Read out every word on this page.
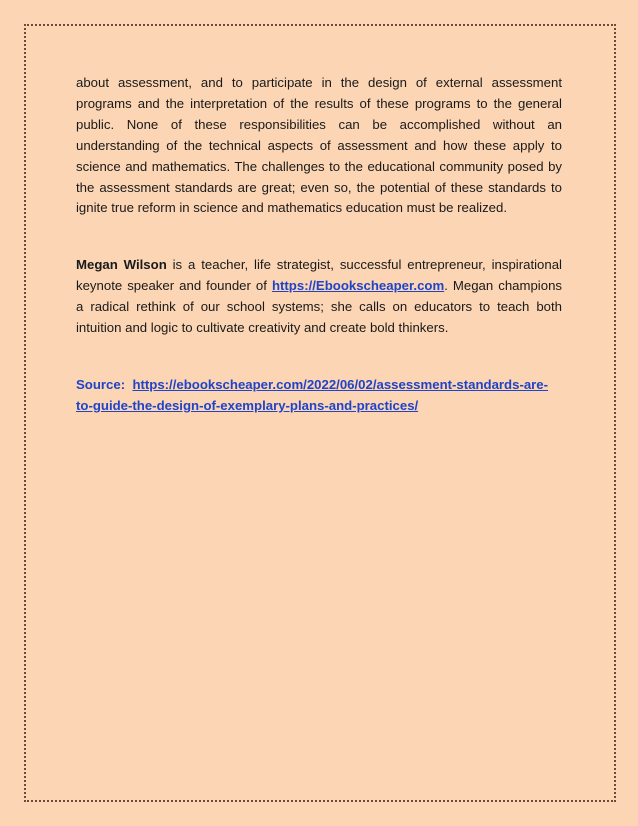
about assessment, and to participate in the design of external assessment programs and the interpretation of the results of these programs to the general public. None of these responsibilities can be accomplished without an understanding of the technical aspects of assessment and how these apply to science and mathematics. The challenges to the educational community posed by the assessment standards are great; even so, the potential of these standards to ignite true reform in science and mathematics education must be realized.

Megan Wilson is a teacher, life strategist, successful entrepreneur, inspirational keynote speaker and founder of https://Ebookscheaper.com. Megan champions a radical rethink of our school systems; she calls on educators to teach both intuition and logic to cultivate creativity and create bold thinkers.

Source: https://ebookscheaper.com/2022/06/02/assessment-standards-are-to-guide-the-design-of-exemplary-plans-and-practices/
